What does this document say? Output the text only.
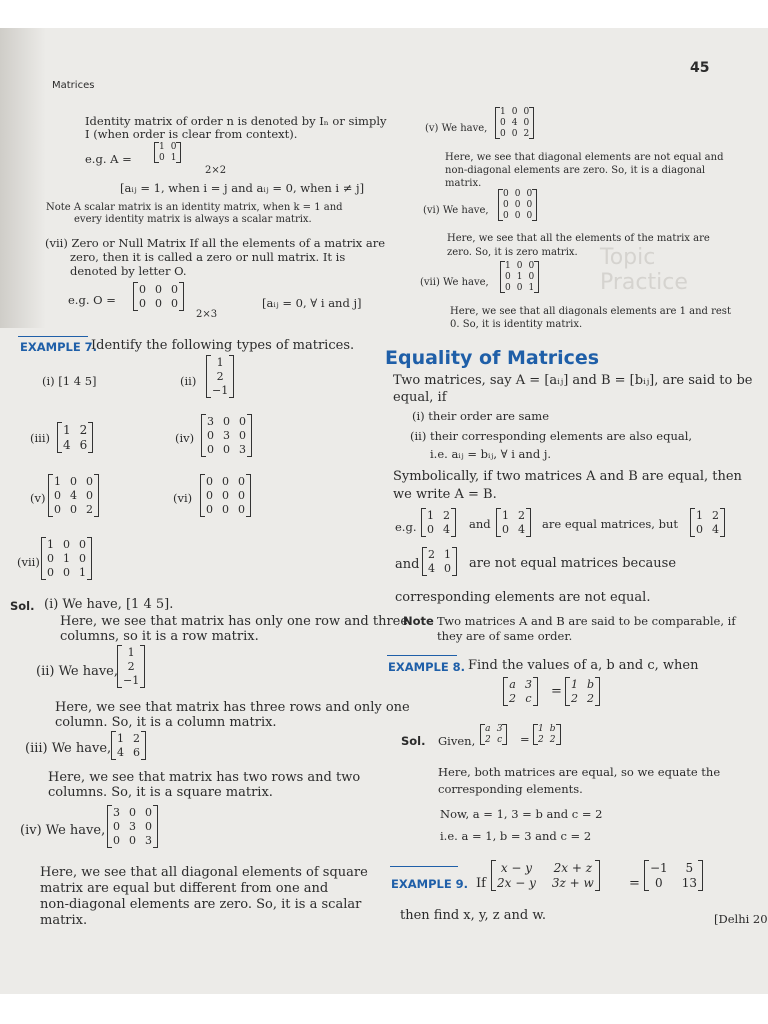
Matrices
45
Identity matrix of order n is denoted by Iₙ or simply
I (when order is clear from context).
e.g. A =
1 0
0 1
2×2
[aᵢⱼ = 1, when i = j and aᵢⱼ = 0, when i ≠ j]
Note A scalar matrix is an identity matrix, when k = 1 and
every identity matrix is always a scalar matrix.
(vii) Zero or Null Matrix If all the elements of a matrix are
zero, then it is called a zero or null matrix. It is
denoted by letter O.
e.g. O =
0 0 0
0 0 0
2×3
[aᵢⱼ = 0, ∀ i and j]
EXAMPLE 7.
Identify the following types of matrices.
(i) [1 4 5]	(ii)
1
2
−1
(iii)
1 2
4 6	(iv)
3 0 0
0 3 0
0 0 3
(v)
1 0 0
0 4 0
0 0 2
(vi)
0 0 0
0 0 0
0 0 0
(vii)
1 0 0
0 1 0
0 0 1
Sol. (i) We have, [1 4 5].
Here, we see that matrix has only one row and three
columns, so it is a row matrix.
(ii) We have,
1
2
−1
Here, we see that matrix has three rows and only one
column. So, it is a column matrix.
(iii) We have,
1 2
4 6
Here, we see that matrix has two rows and two
columns. So, it is a square matrix.
(iv) We have,
3 0 0
0 3 0
0 0 3
Here, we see that all diagonal elements of square
matrix are equal but different from one and
non-diagonal elements are zero. So, it is a scalar
matrix.
(v) We have,
1 0 0
0 4 0
0 0 2
Here, we see that diagonal elements are not equal and
non-diagonal elements are zero. So, it is a diagonal
matrix.
(vi) We have,
0 0 0
0 0 0
0 0 0
Topic Practice
Here, we see that all the elements of the matrix are
zero. So, it is zero matrix.
(vii) We have,
1 0 0
0 1 0
0 0 1
Here, we see that all diagonals elements are 1 and rest
0. So, it is identity matrix.
Equality of Matrices
Two matrices, say A = [aᵢⱼ] and B = [bᵢⱼ], are said to be
equal, if
(i) their order are same
(ii) their corresponding elements are also equal,
i.e. aᵢⱼ = bᵢⱼ, ∀ i and j.
Symbolically, if two matrices A and B are equal, then
we write A = B.
e.g.
1 2
0 4 and
1 2
0 4 are equal matrices, but
1 2
0 4
and
2 1
4 0 are not equal matrices because
corresponding elements are not equal.
Note Two matrices A and B are said to be comparable, if
they are of same order.
EXAMPLE 8. Find the values of a, b and c, when
a 3
2 c = 1 b
2 2
Sol. Given,
a 3
2 c =
1 b
2 2
Here, both matrices are equal, so we equate the
corresponding elements.
Now, a = 1, 3 = b and c = 2
i.e. a = 1, b = 3 and c = 2
EXAMPLE 9. If
x − y	2x + z
2x − y 3z + w	=
−1	5
0	13
then find x, y, z and w.	[Delhi 20
